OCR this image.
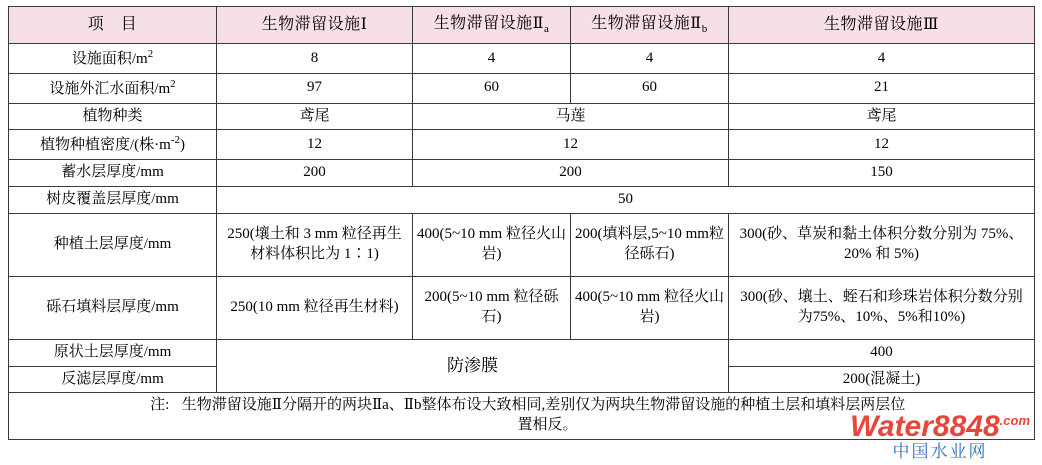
项　目	生物滞留设施Ⅰ	生物滞留设施$Ⅱ_a$	生物滞留设施$Ⅱ_b$	生物滞留设施Ⅲ
设施面积$/m^2$	8	4	4	4
设施外汇水面积$/m^2$	97	60	60	21
植物种类	鸢尾	马莲		鸢尾
植物种植密度/(株$\cdot m^{-2}$)	12	12		12
蓄水层厚度/mm	200	200		150
树皮覆盖层厚度/mm	50			
种植土层厚度/mm	250(壤土和 3 mm 粒径再生材料体积比为 1∶1)	400(5~10 mm 粒径火山岩)	200(填料层,5~10 mm粒径砾石)	300(砂、草炭和黏土体积分数分别为 75%、20% 和 5%)
砾石填料层厚度/mm	250(10 mm 粒径再生材料)	200(5~10 mm 粒径砾石)	400(5~10 mm 粒径火山岩)	300(砂、壤土、蛭石和珍珠岩体积分数分别为75%、10%、5%和10%)
原状土层厚度/mm	防渗膜			400
反滤层厚度/mm				200(混凝土)
注: 生物滞留设施Ⅱ分隔开的两块Ⅱa、Ⅱb整体布设大致相同,差别仅为两块生物滞留设施的种植土层和填料层两层位
置相反。					$Water8848^{.com}$
中国水业网
